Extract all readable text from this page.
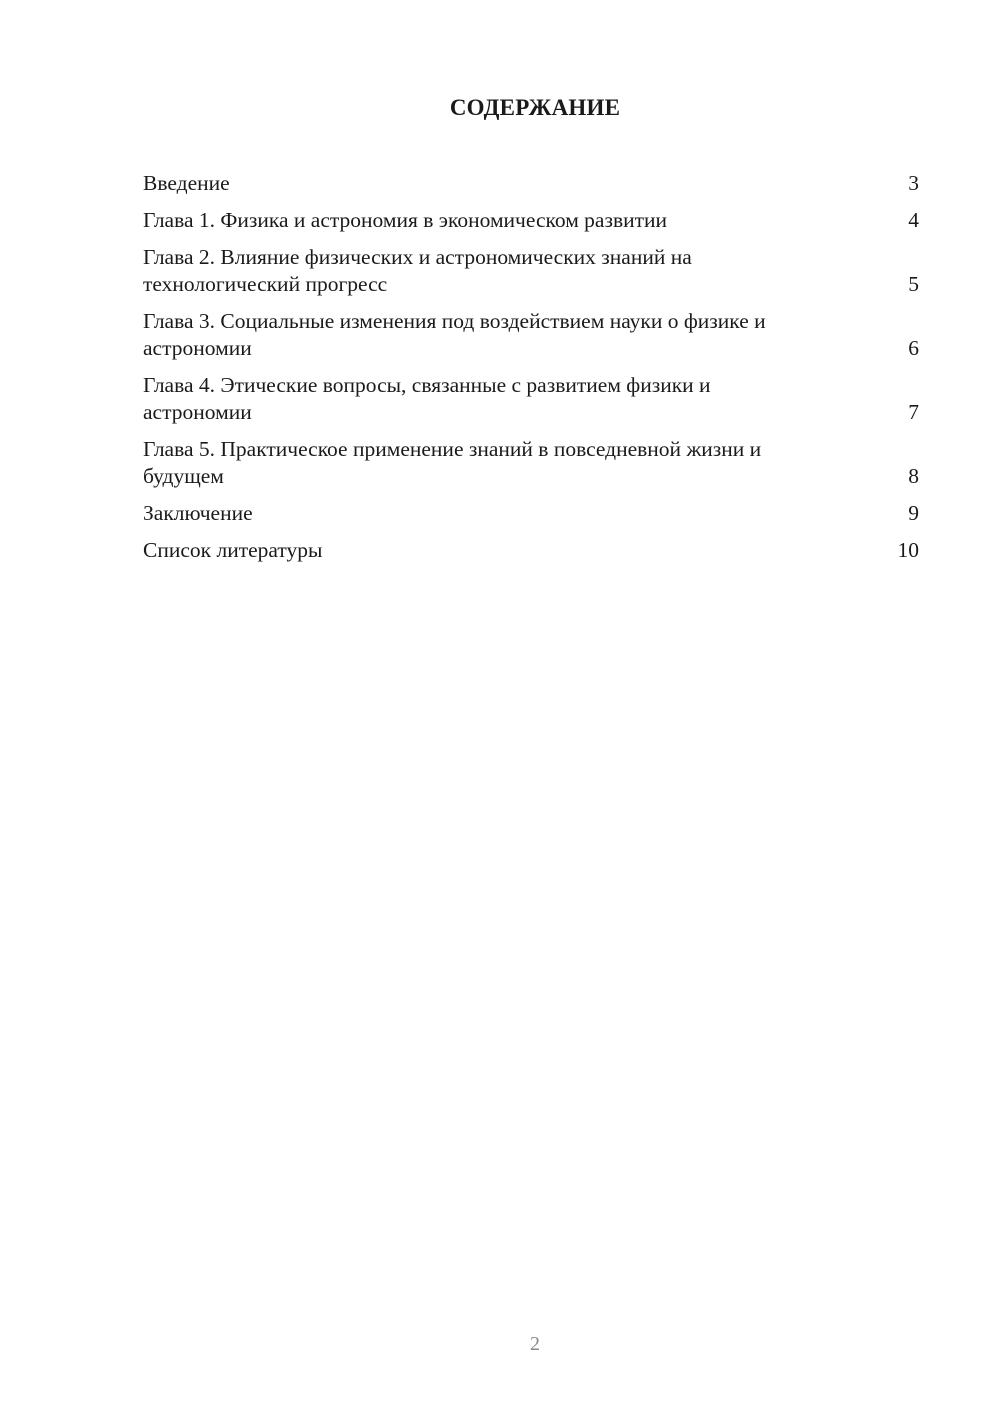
СОДЕРЖАНИЕ
Введение	3
Глава 1. Физика и астрономия в экономическом развитии	4
Глава 2. Влияние физических и астрономических знаний на технологический прогресс	5
Глава 3. Социальные изменения под воздействием науки о физике и астрономии	6
Глава 4. Этические вопросы, связанные с развитием физики и астрономии	7
Глава 5. Практическое применение знаний в повседневной жизни и будущем	8
Заключение	9
Список литературы	10
2
